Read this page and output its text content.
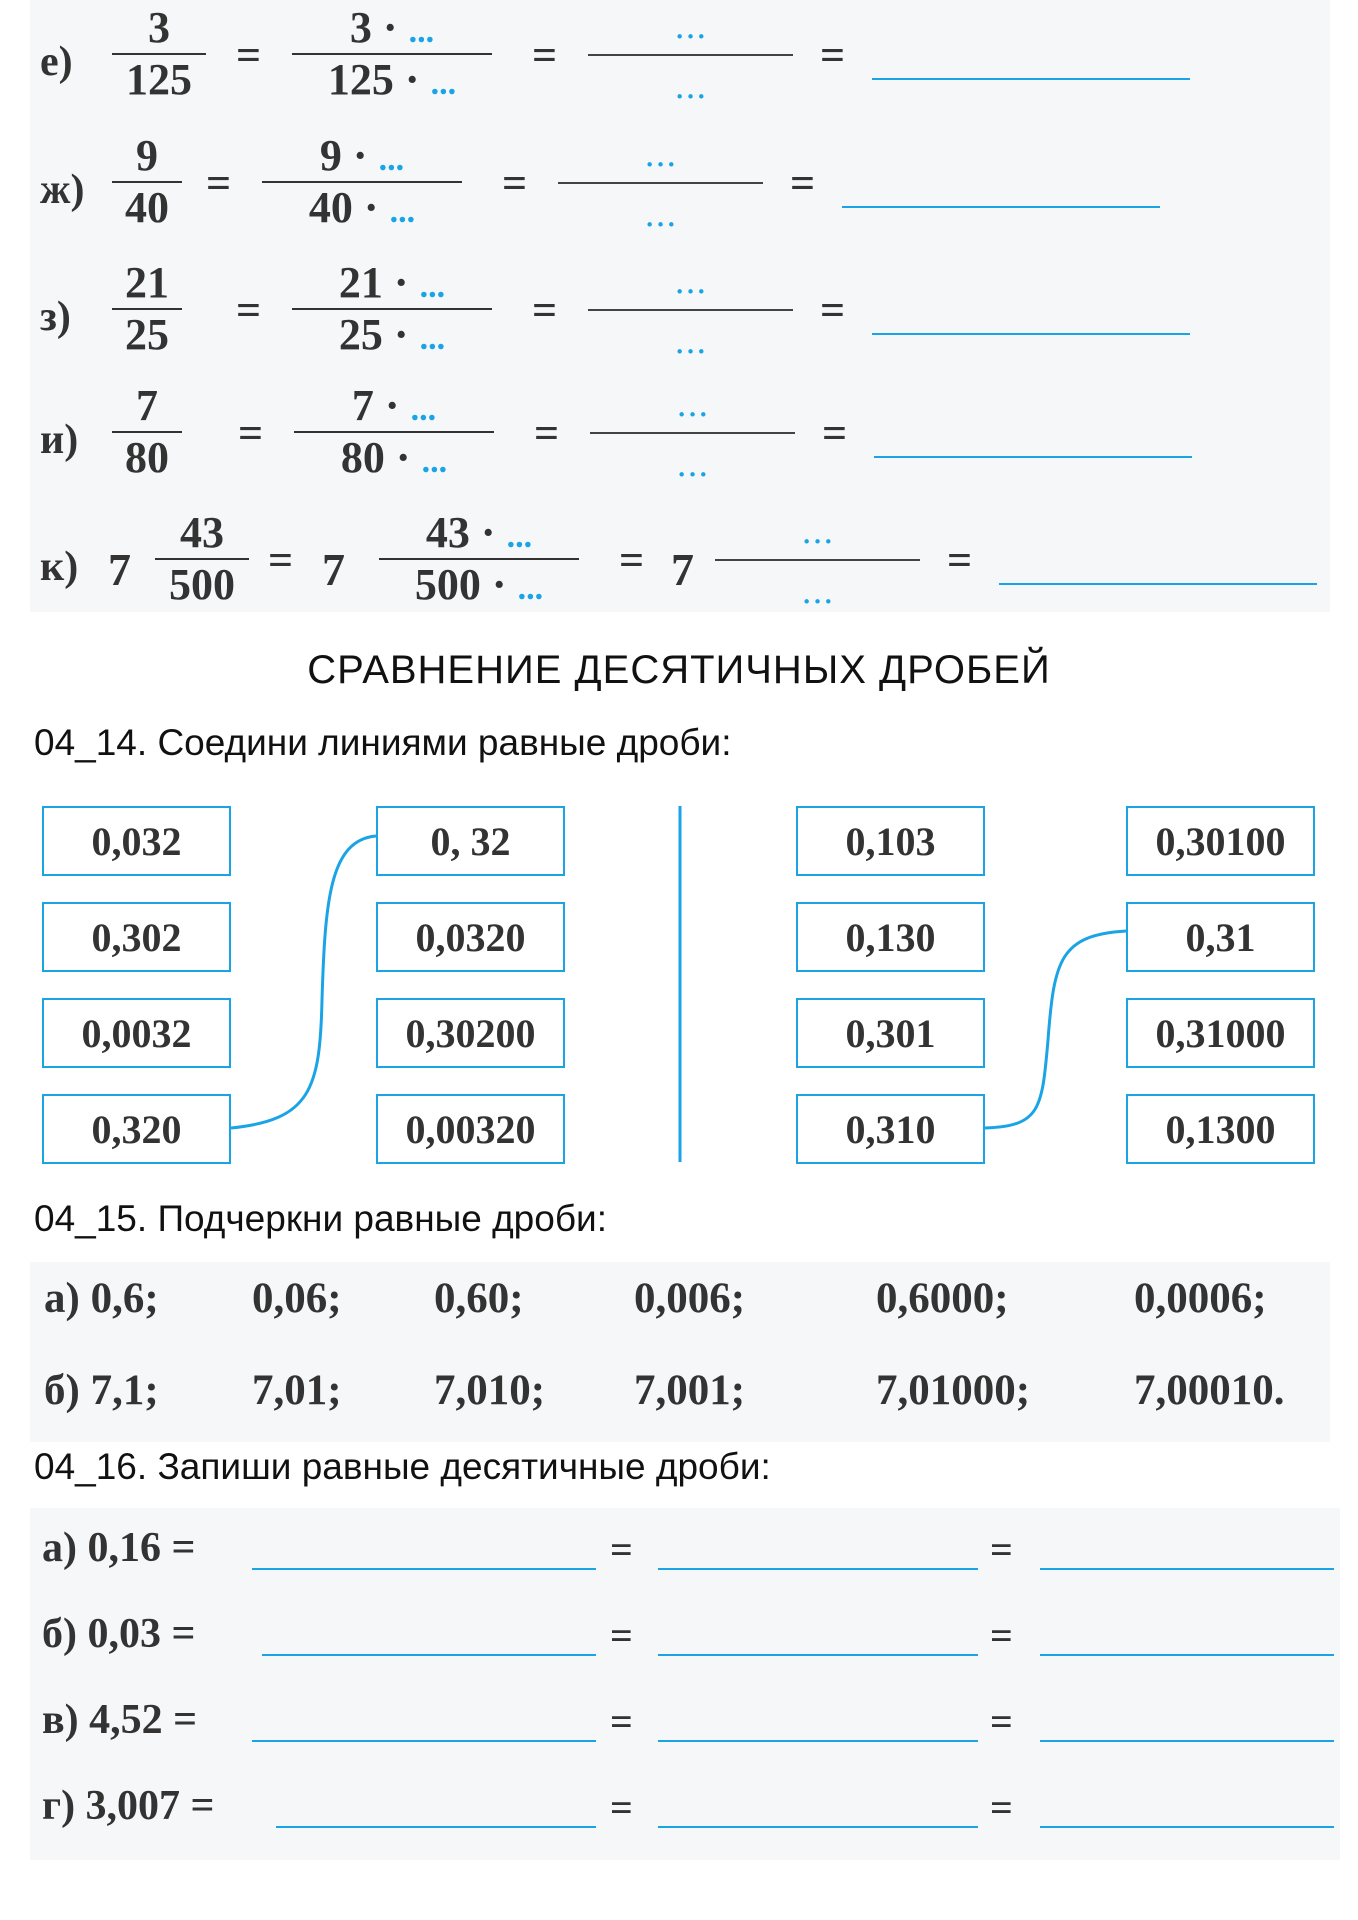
е)
3
125	=
3 · ...
125 · ...
=
...
...
=
ж)
9
40 =
9 · ...
40 · ...
=
...
...
=
з)
21
25 =
21 · ...
25 · ...
=
...
...
=
и)
7
80 =
7 · ...
80 · ...
=
...
...
=
к) 7
43
500 = 7
43 · ...
500 · ...
= 7
...
...
=
СРАВНЕНИЕ ДЕСЯТИЧНЫХ ДРОБЕЙ
04_14. Соедини линиями равные дроби:
0,032
0,302
0,0032
0,320
0, 32
0,0320
0,30200
0,00320
0,103
0,130
0,301
0,310
0,30100
0,31
0,31000
0,1300
04_15. Подчеркни равные дроби:
а) 0,6; 0,06; 0,60;	0,006;	0,6000;	0,0006;
б) 7,1; 7,01; 7,010; 7,001;	7,01000; 7,00010.
04_16. Запиши равные десятичные дроби:
а) 0,16 =	=	=
б) 0,03 =	=	=
в) 4,52 =	=	=
г) 3,007 =	=	=
